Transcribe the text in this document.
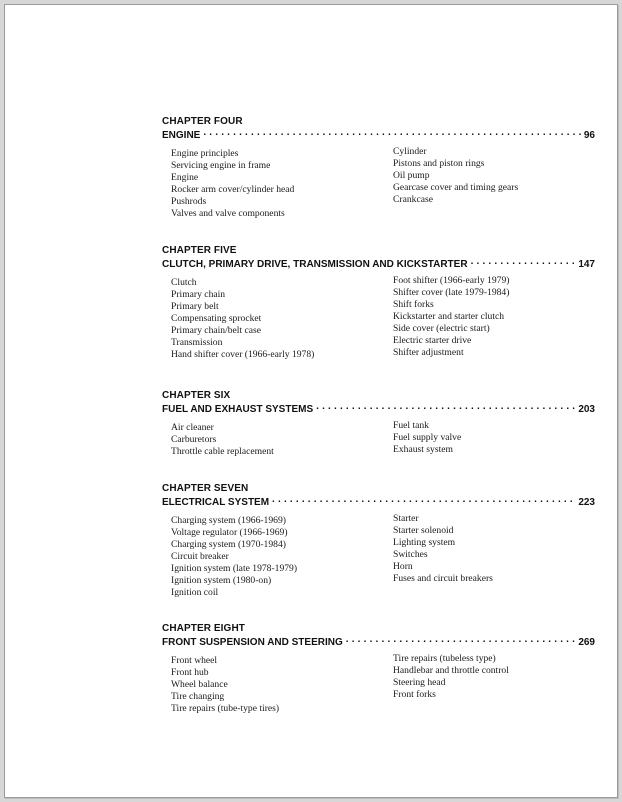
CHAPTER FOUR
ENGINE . . .	96
Engine principles
Servicing engine in frame
Engine
Rocker arm cover/cylinder head
Pushrods
Valves and valve components
Cylinder
Pistons and piston rings
Oil pump
Gearcase cover and timing gears
Crankcase
CHAPTER FIVE
CLUTCH, PRIMARY DRIVE, TRANSMISSION AND KICKSTARTER . . .	147
Clutch
Primary chain
Primary belt
Compensating sprocket
Primary chain/belt case
Transmission
Hand shifter cover (1966-early 1978)
Foot shifter (1966-early 1979)
Shifter cover (late 1979-1984)
Shift forks
Kickstarter and starter clutch
Side cover (electric start)
Electric starter drive
Shifter adjustment
CHAPTER SIX
FUEL AND EXHAUST SYSTEMS . . .	203
Air cleaner
Carburetors
Throttle cable replacement
Fuel tank
Fuel supply valve
Exhaust system
CHAPTER SEVEN
ELECTRICAL SYSTEM . . .	223
Charging system (1966-1969)
Voltage regulator (1966-1969)
Charging system (1970-1984)
Circuit breaker
Ignition system (late 1978-1979)
Ignition system (1980-on)
Ignition coil
Starter
Starter solenoid
Lighting system
Switches
Horn
Fuses and circuit breakers
CHAPTER EIGHT
FRONT SUSPENSION AND STEERING . . .	269
Front wheel
Front hub
Wheel balance
Tire changing
Tire repairs (tube-type tires)
Tire repairs (tubeless type)
Handlebar and throttle control
Steering head
Front forks
